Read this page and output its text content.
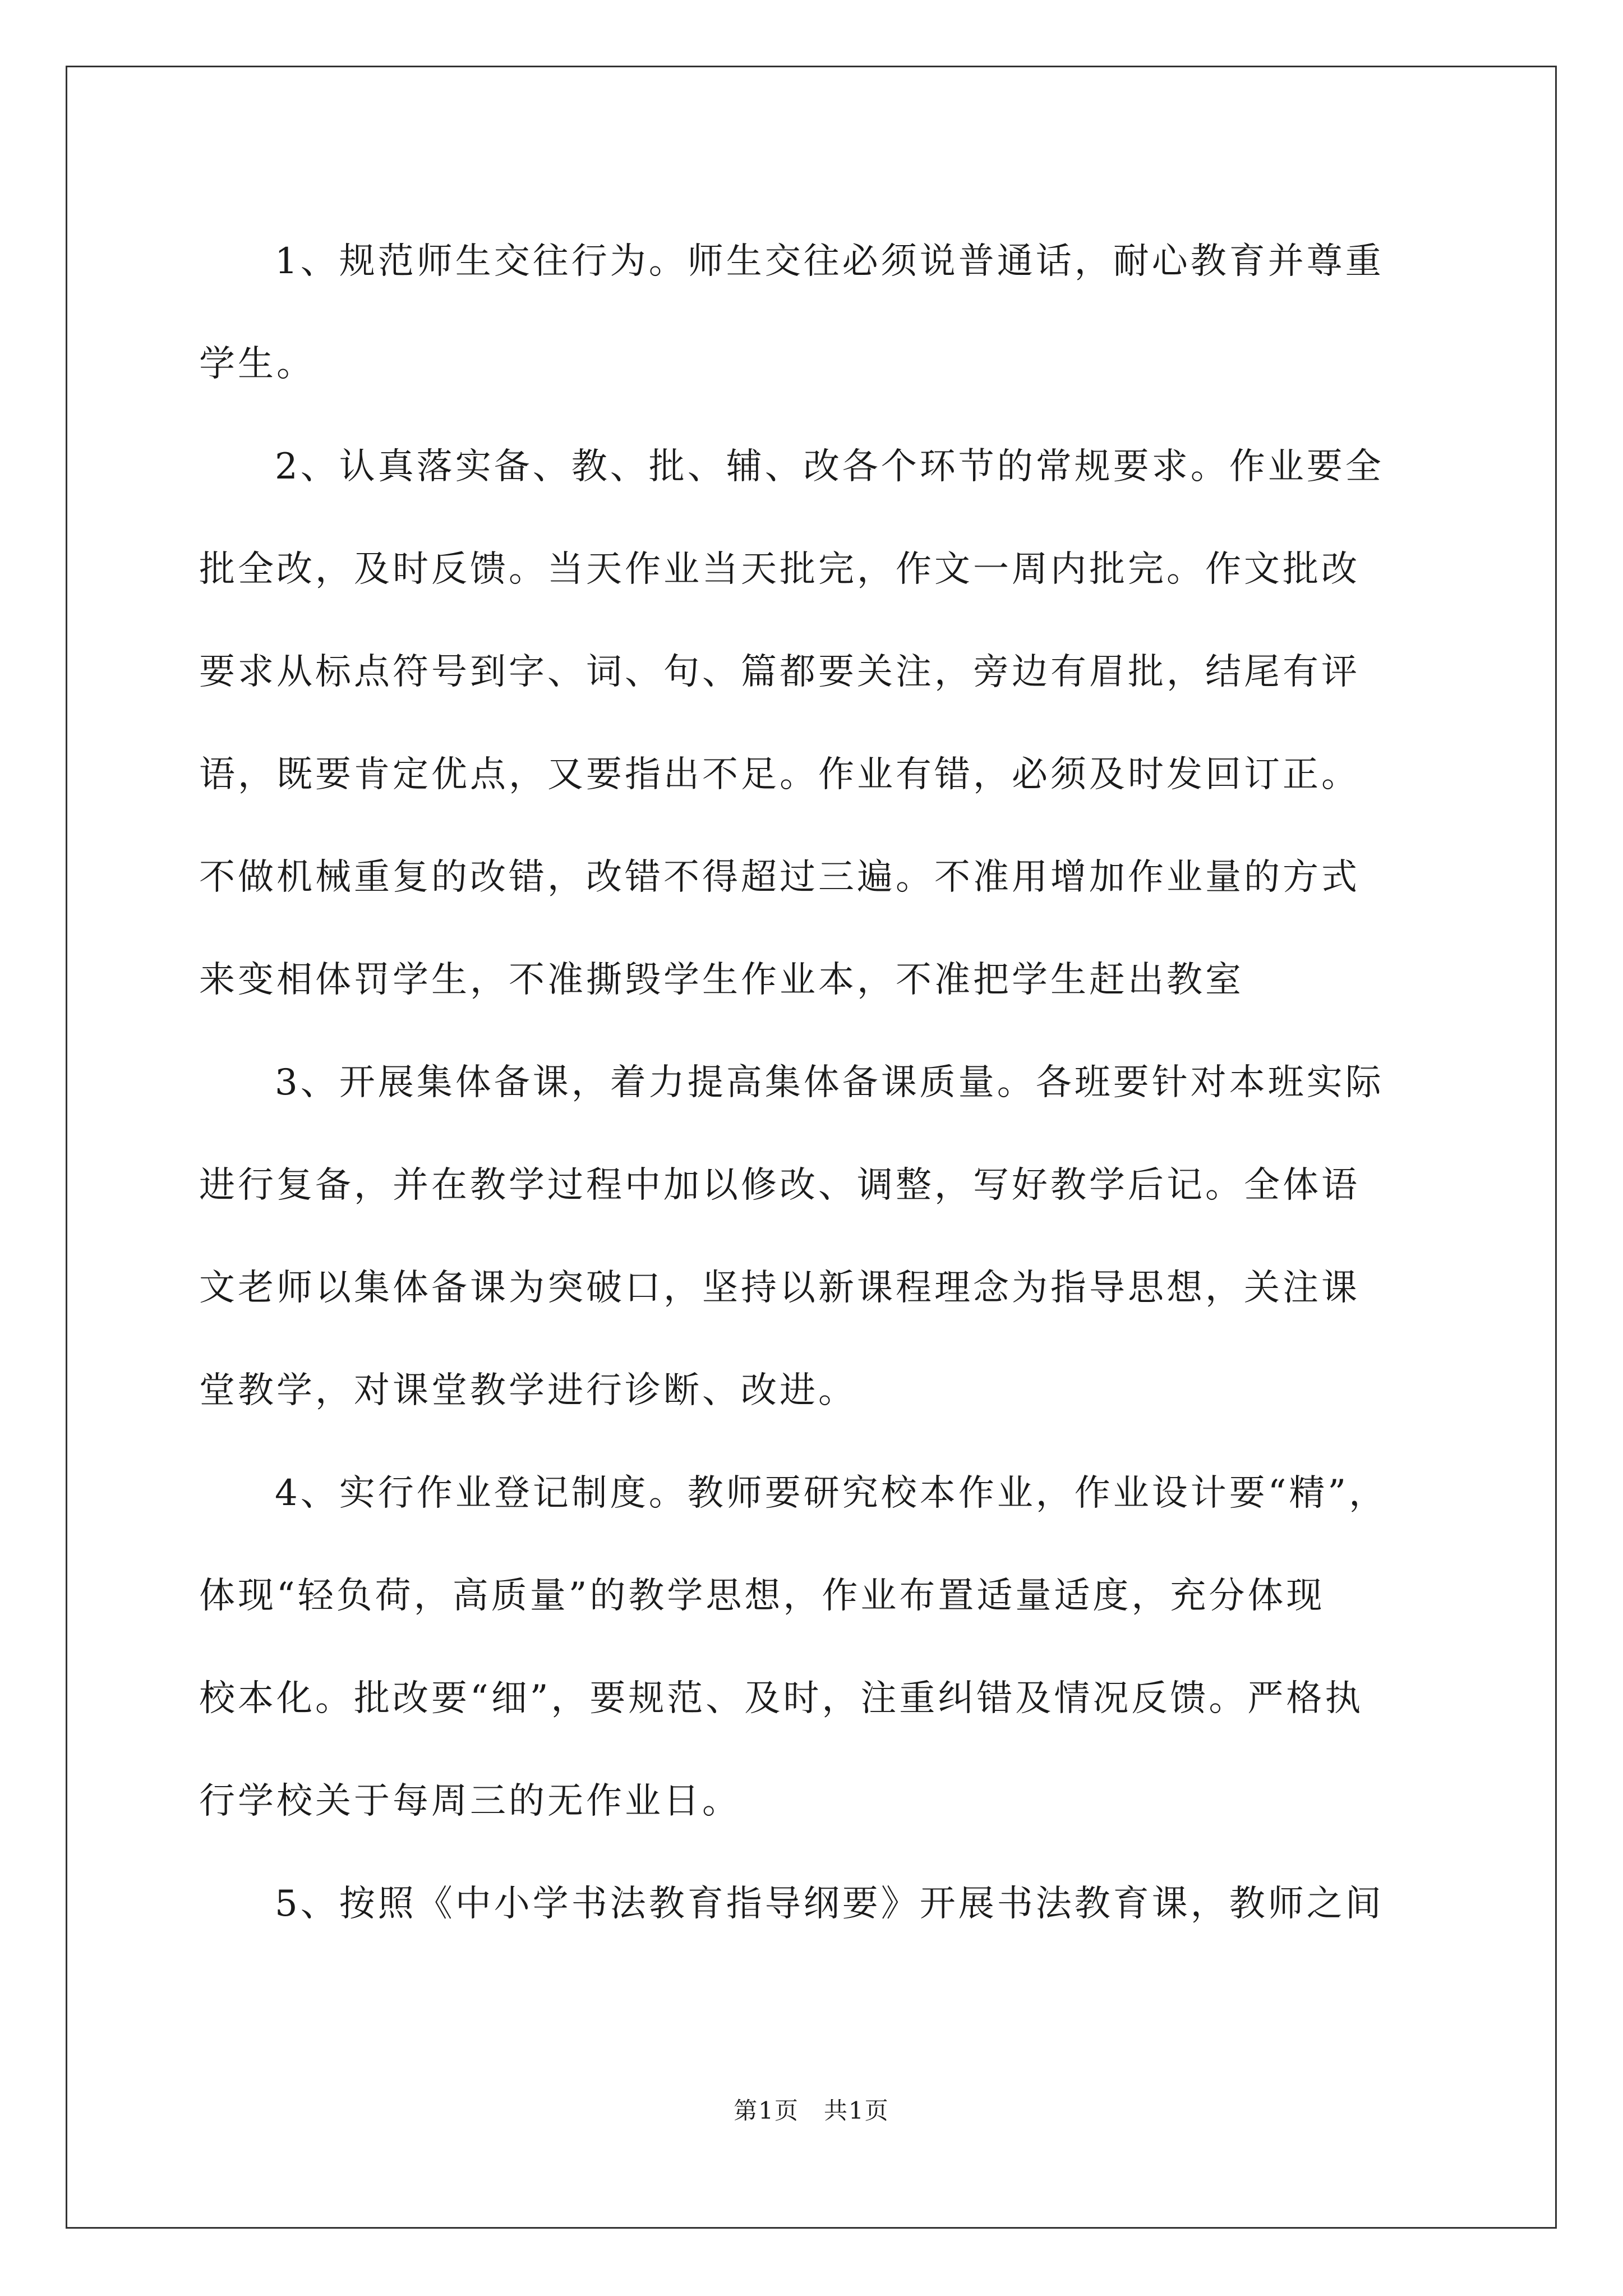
1、规范师生交往行为。师生交往必须说普通话，耐心教育并尊重
学生。
2、认真落实备、教、批、辅、改各个环节的常规要求。作业要全
批全改，及时反馈。当天作业当天批完，作文一周内批完。作文批改
要求从标点符号到字、词、句、篇都要关注，旁边有眉批，结尾有评
语，既要肯定优点，又要指出不足。作业有错，必须及时发回订正。
不做机械重复的改错，改错不得超过三遍。不准用增加作业量的方式
来变相体罚学生，不准撕毁学生作业本，不准把学生赶出教室
3、开展集体备课，着力提高集体备课质量。各班要针对本班实际
进行复备，并在教学过程中加以修改、调整，写好教学后记。全体语
文老师以集体备课为突破口，坚持以新课程理念为指导思想，关注课
堂教学，对课堂教学进行诊断、改进。
4、实行作业登记制度。教师要研究校本作业，作业设计要“精”，
体现“轻负荷，高质量”的教学思想，作业布置适量适度，充分体现
校本化。批改要“细”，要规范、及时，注重纠错及情况反馈。严格执
行学校关于每周三的无作业日。
5、按照《中小学书法教育指导纲要》开展书法教育课，教师之间
第1页　共1页
